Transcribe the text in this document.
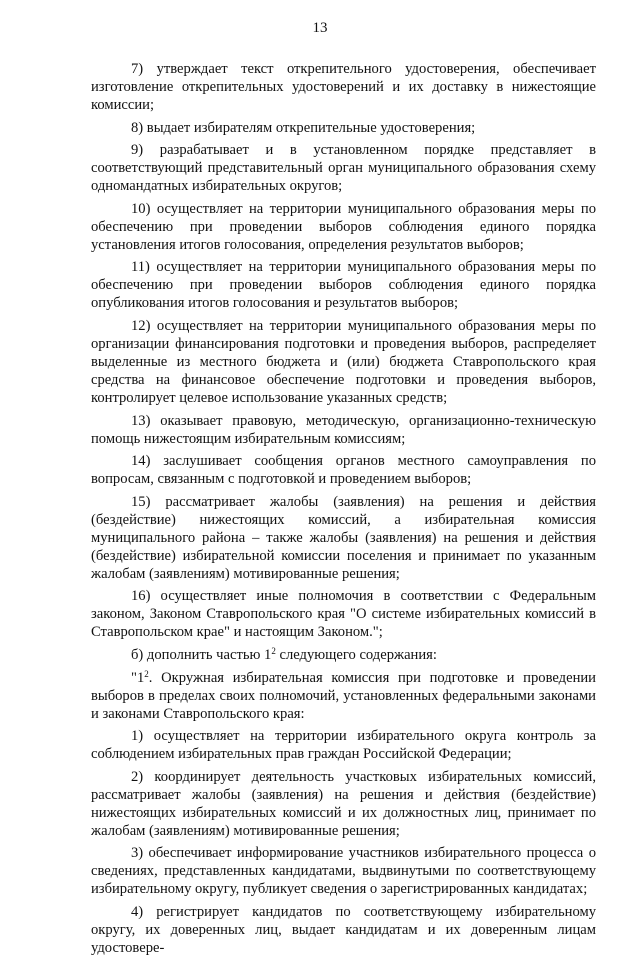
13

7) утверждает текст открепительного удостоверения, обеспечивает изготовление открепительных удостоверений и их доставку в нижестоящие комиссии;

8) выдает избирателям открепительные удостоверения;

9) разрабатывает и в установленном порядке представляет в соответствующий представительный орган муниципального образования схему одномандатных избирательных округов;

10) осуществляет на территории муниципального образования меры по обеспечению при проведении выборов соблюдения единого порядка установления итогов голосования, определения результатов выборов;

11) осуществляет на территории муниципального образования меры по обеспечению при проведении выборов соблюдения единого порядка опубликования итогов голосования и результатов выборов;

12) осуществляет на территории муниципального образования меры по организации финансирования подготовки и проведения выборов, распределяет выделенные из местного бюджета и (или) бюджета Ставропольского края средства на финансовое обеспечение подготовки и проведения выборов, контролирует целевое использование указанных средств;

13) оказывает правовую, методическую, организационно-техническую помощь нижестоящим избирательным комиссиям;

14) заслушивает сообщения органов местного самоуправления по вопросам, связанным с подготовкой и проведением выборов;

15) рассматривает жалобы (заявления) на решения и действия (бездействие) нижестоящих комиссий, а избирательная комиссия муниципального района – также жалобы (заявления) на решения и действия (бездействие) избирательной комиссии поселения и принимает по указанным жалобам (заявлениям) мотивированные решения;

16) осуществляет иные полномочия в соответствии с Федеральным законом, Законом Ставропольского края "О системе избирательных комиссий в Ставропольском крае" и настоящим Законом.";

б) дополнить частью $1^2$ следующего содержания:

"$1^2$. Окружная избирательная комиссия при подготовке и проведении выборов в пределах своих полномочий, установленных федеральными законами и законами Ставропольского края:

1) осуществляет на территории избирательного округа контроль за соблюдением избирательных прав граждан Российской Федерации;

2) координирует деятельность участковых избирательных комиссий, рассматривает жалобы (заявления) на решения и действия (бездействие) нижестоящих избирательных комиссий и их должностных лиц, принимает по жалобам (заявлениям) мотивированные решения;

3) обеспечивает информирование участников избирательного процесса о сведениях, представленных кандидатами, выдвинутыми по соответствующему избирательному округу, публикует сведения о зарегистрированных кандидатах;

4) регистрирует кандидатов по соответствующему избирательному округу, их доверенных лиц, выдает кандидатам и их доверенным лицам удостовере-
